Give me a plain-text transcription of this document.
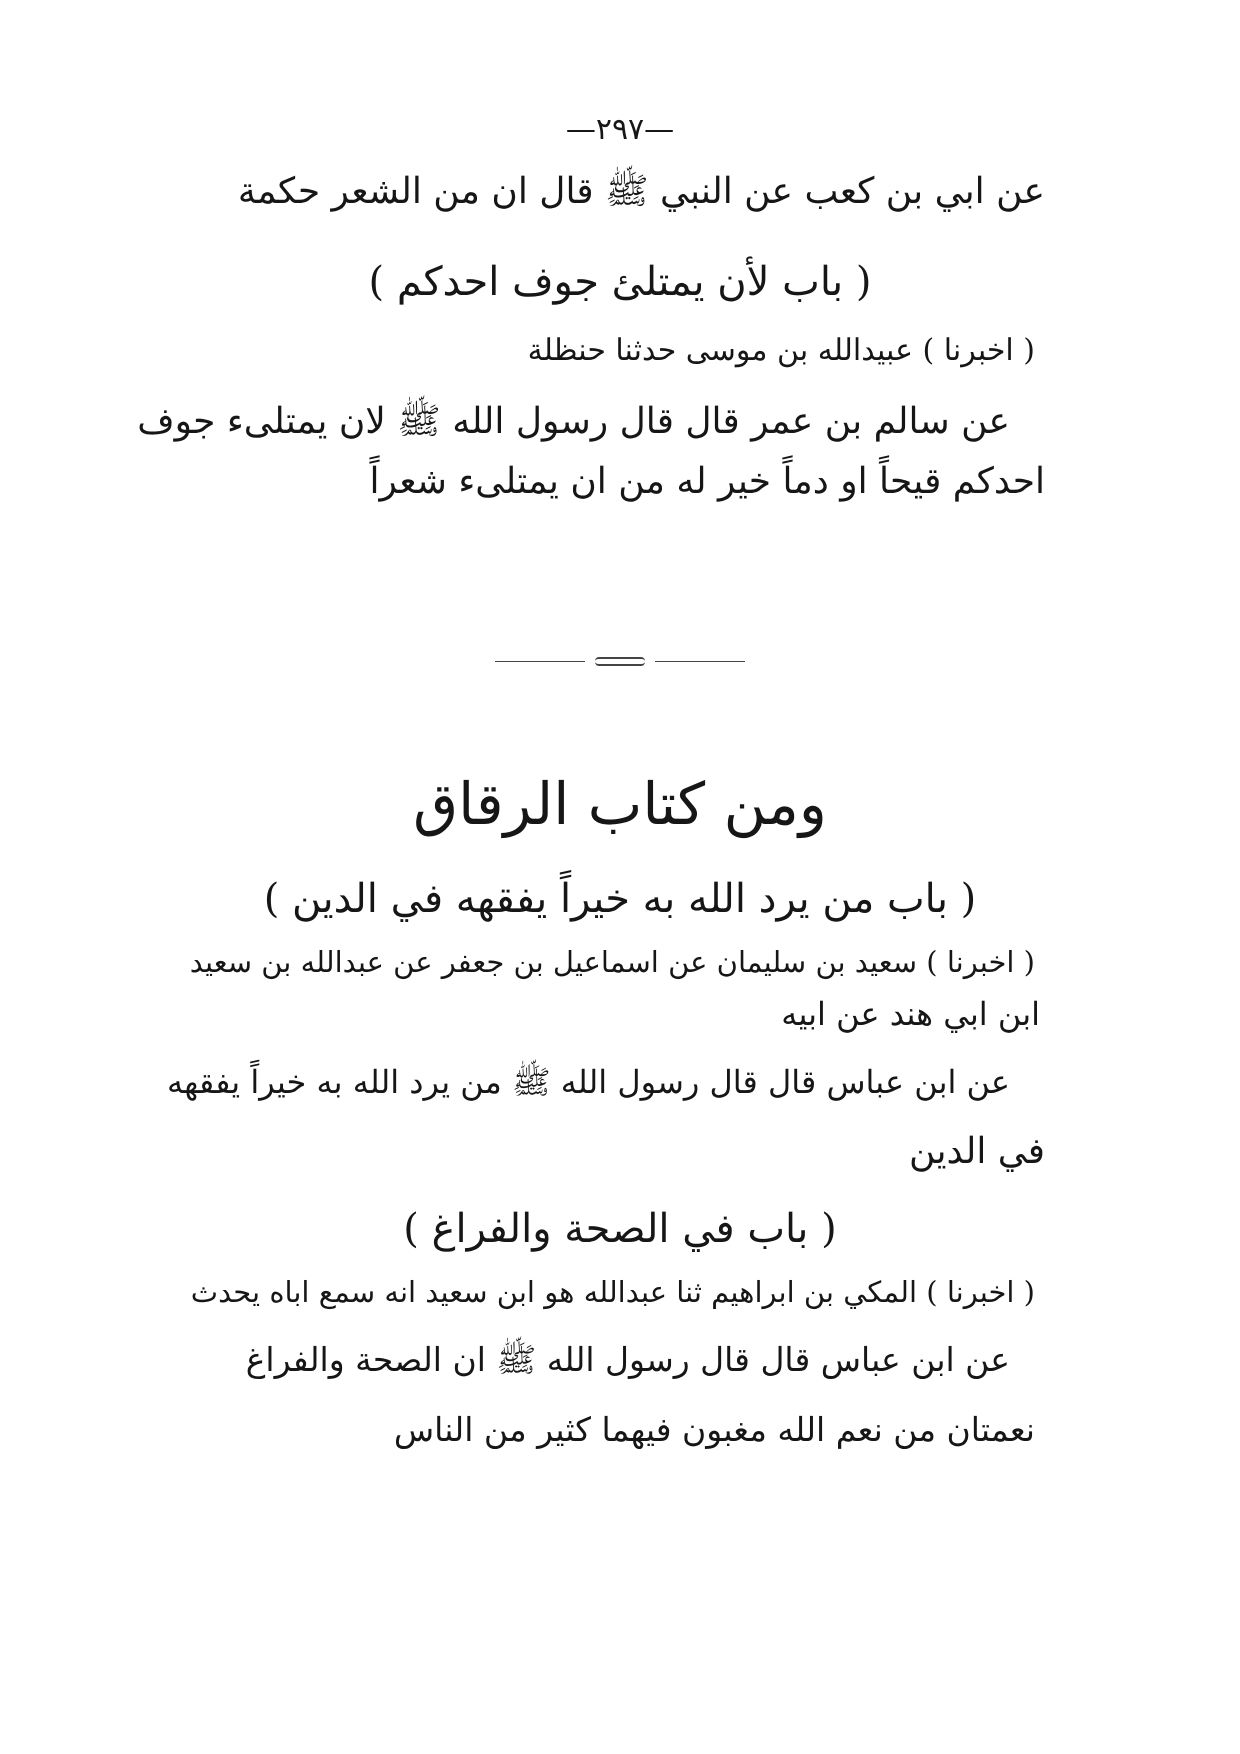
—٢٩٧—
عن ابي بن كعب عن النبي ﷺ قال ان من الشعر حكمة
( باب لأن يمتلئ جوف احدكم )
( اخبرنا ) عبيدالله بن موسى حدثنا حنظلة
عن سالم بن عمر قال قال رسول الله ﷺ لان يمتلىء جوف
احدكم قيحاً او دماً خير له من ان يمتلىء شعراً
ومن كتاب الرقاق
( باب من يرد الله به خيراً يفقهه في الدين )
( اخبرنا ) سعيد بن سليمان عن اسماعيل بن جعفر عن عبدالله بن سعيد
ابن ابي هند عن ابيه
عن ابن عباس قال قال رسول الله ﷺ من يرد الله به خيراً يفقهه
في الدين
( باب في الصحة والفراغ )
( اخبرنا ) المكي بن ابراهيم ثنا عبدالله هو ابن سعيد انه سمع اباه يحدث
عن ابن عباس قال قال رسول الله ﷺ ان الصحة والفراغ
نعمتان من نعم الله مغبون فيهما كثير من الناس
